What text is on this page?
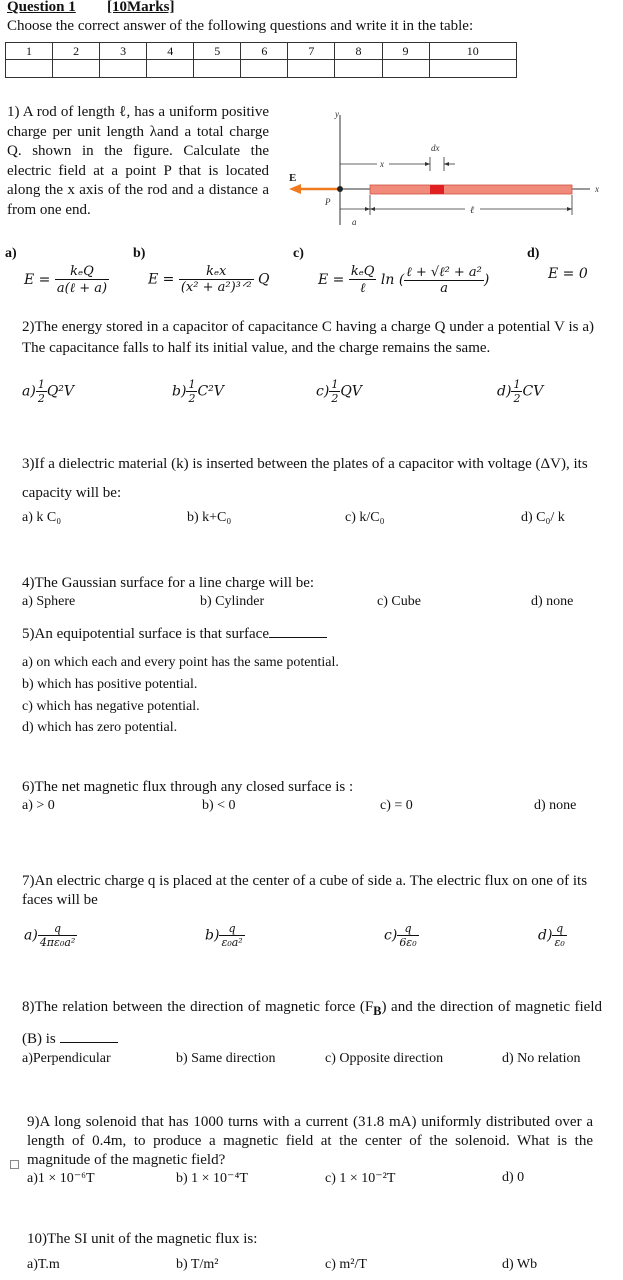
Question 1 [10Marks]
Choose the correct answer of the following questions and write it in the table:
1	2	3	4	5	6	7	8	9	10

1) A rod of length ℓ, has a uniform positive charge per unit length λand a total charge Q. shown in the figure. Calculate the electric field at a point P that is located along the x axis of the rod and a distance a from one end.
y
x
dx
x
E⃗
P
a
ℓ
a)
$E = \frac{\text{kₑQ}}{\text{a(ℓ + a)}}$
b)
$E = \frac{\text{kₑx}}{\text{(x² + a²)³ᐟ²}}$ Q
c)
$E = \frac{\text{kₑQ}}{\text{ℓ}}$ ln ( $\frac{\text{ℓ + √ℓ² + a²}}{a}$ )
d)
E = 0
2)The energy stored in a capacitor of capacitance C having a charge Q under a potential V is a) The capacitance falls to half its initial value, and the charge remains the same.
$a) \frac{1}{2} Q^2V$	$b) \frac{1}{2} C^2V$	$c) \frac{1}{2}$ QV	$d) \frac{1}{2}$ CV
3)If a dielectric material (k) is inserted between the plates of a capacitor with voltage (ΔV), its capacity will be:
a) k C₀	b) k+C₀	c) k/C₀	d) C₀/ k
4)The Gaussian surface for a line charge will be:
a) Sphere	b) Cylinder	c) Cube	d) none
5)An equipotential surface is that surface
a) on which each and every point has the same potential.
b) which has positive potential.
c) which has negative potential.
d) which has zero potential.
6)The net magnetic flux through any closed surface is :
a) > 0	b) < 0	c) = 0	d) none
7)An electric charge q is placed at the center of a cube of side a. The electric flux on one of its faces will be
$a) \frac{q}{\text{4πε₀a²}}$	$b) \frac{q}{\text{ε₀a²}}$	$c) \frac{q}{\text{6ε₀}}$	$d) \frac{q}{\text{ε₀}}$
8)The relation between the direction of magnetic force $(F_B)$ and the direction of magnetic field (B) is
a)Perpendicular	b) Same direction	c) Opposite direction	d) No relation
9)A long solenoid that has 1000 turns with a current (31.8 mA) uniformly distributed over a length of 0.4m, to produce a magnetic field at the center of the solenoid. What is the magnitude of the magnetic field?
a)1 × 10⁻⁶T	b) 1 × 10⁻⁴T	c) 1 × 10⁻²T	d) 0
10)The SI unit of the magnetic flux is:
a)T.m	b) T/m²	c) m²/T	d) Wb
